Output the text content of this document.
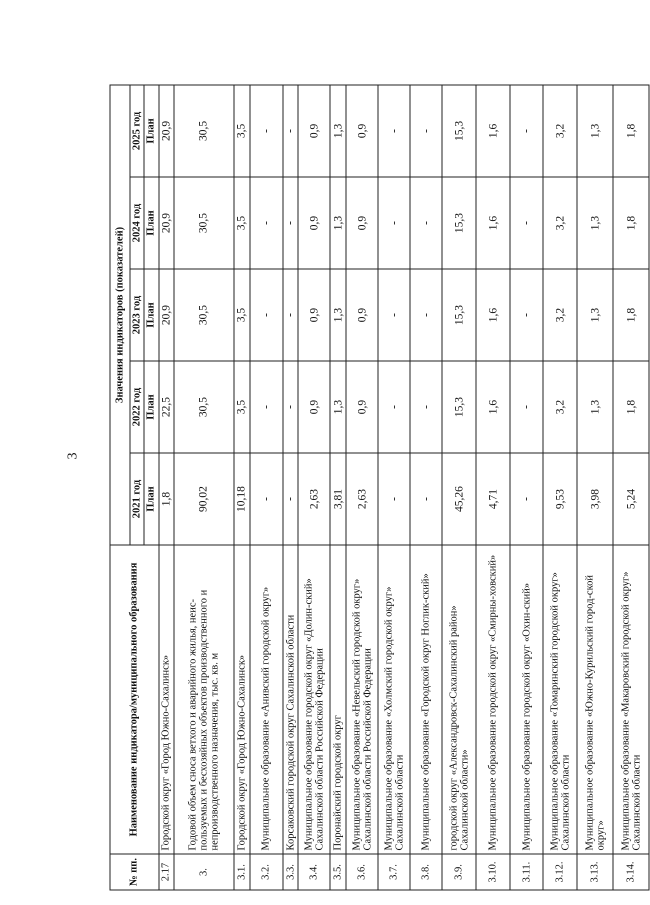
3
№ пп.	Наименование индикатора/муниципального образования	Значения индикаторов (показателей)				
		2021 год	2022 год	2023 год	2024 год	2025 год
		План	План	План	План	План
2.17	Городской округ «Город Южно-Сахалинск»	1,8	22,5	20,9	20,9	20,9
3.	Годовой объем сноса ветхого и аварийного жилья, неис-пользуемых и бесхозяйных объектов производственного и непроизводственного назначения, тыс. кв. м	90,02	30,5	30,5	30,5	30,5
3.1.	Городской округ «Город Южно-Сахалинск»	10,18	3,5	3,5	3,5	3,5
3.2.	Муниципальное образование «Анивский городской округ»	-	-	-	-	-
3.3.	Корсаковский городской округ Сахалинской области	-	-	-	-	-
3.4.	Муниципальное образование городской округ «Долин-ский» Сахалинской области Российской Федерации	2,63	0,9	0,9	0,9	0,9
3.5.	Поронайский городской округ	3,81	1,3	1,3	1,3	1,3
3.6.	Муниципальное образование «Невельский городской округ» Сахалинской области Российской Федерации	2,63	0,9	0,9	0,9	0,9
3.7.	Муниципальное образование «Холмский городской округ» Сахалинской области	-	-	-	-	-
3.8.	Муниципальное образование «Городской округ Ноглик-ский»	-	-	-	-	-
3.9.	городской округ «Александровск-Сахалинский район» Сахалинской области»	45,26	15,3	15,3	15,3	15,3
3.10.	Муниципальное образование городской округ «Смирны-ховский»	4,71	1,6	1,6	1,6	1,6
3.11.	Муниципальное образование городской округ «Охин-ский»	-	-	-	-	-
3.12.	Муниципальное образование «Томаринский городской округ» Сахалинской области	9,53	3,2	3,2	3,2	3,2
3.13.	Муниципальное образование «Южно-Курильский город-ской округ»	3,98	1,3	1,3	1,3	1,3
3.14.	Муниципальное образование «Макаровский городской округ» Сахалинской области	5,24	1,8	1,8	1,8	1,8
